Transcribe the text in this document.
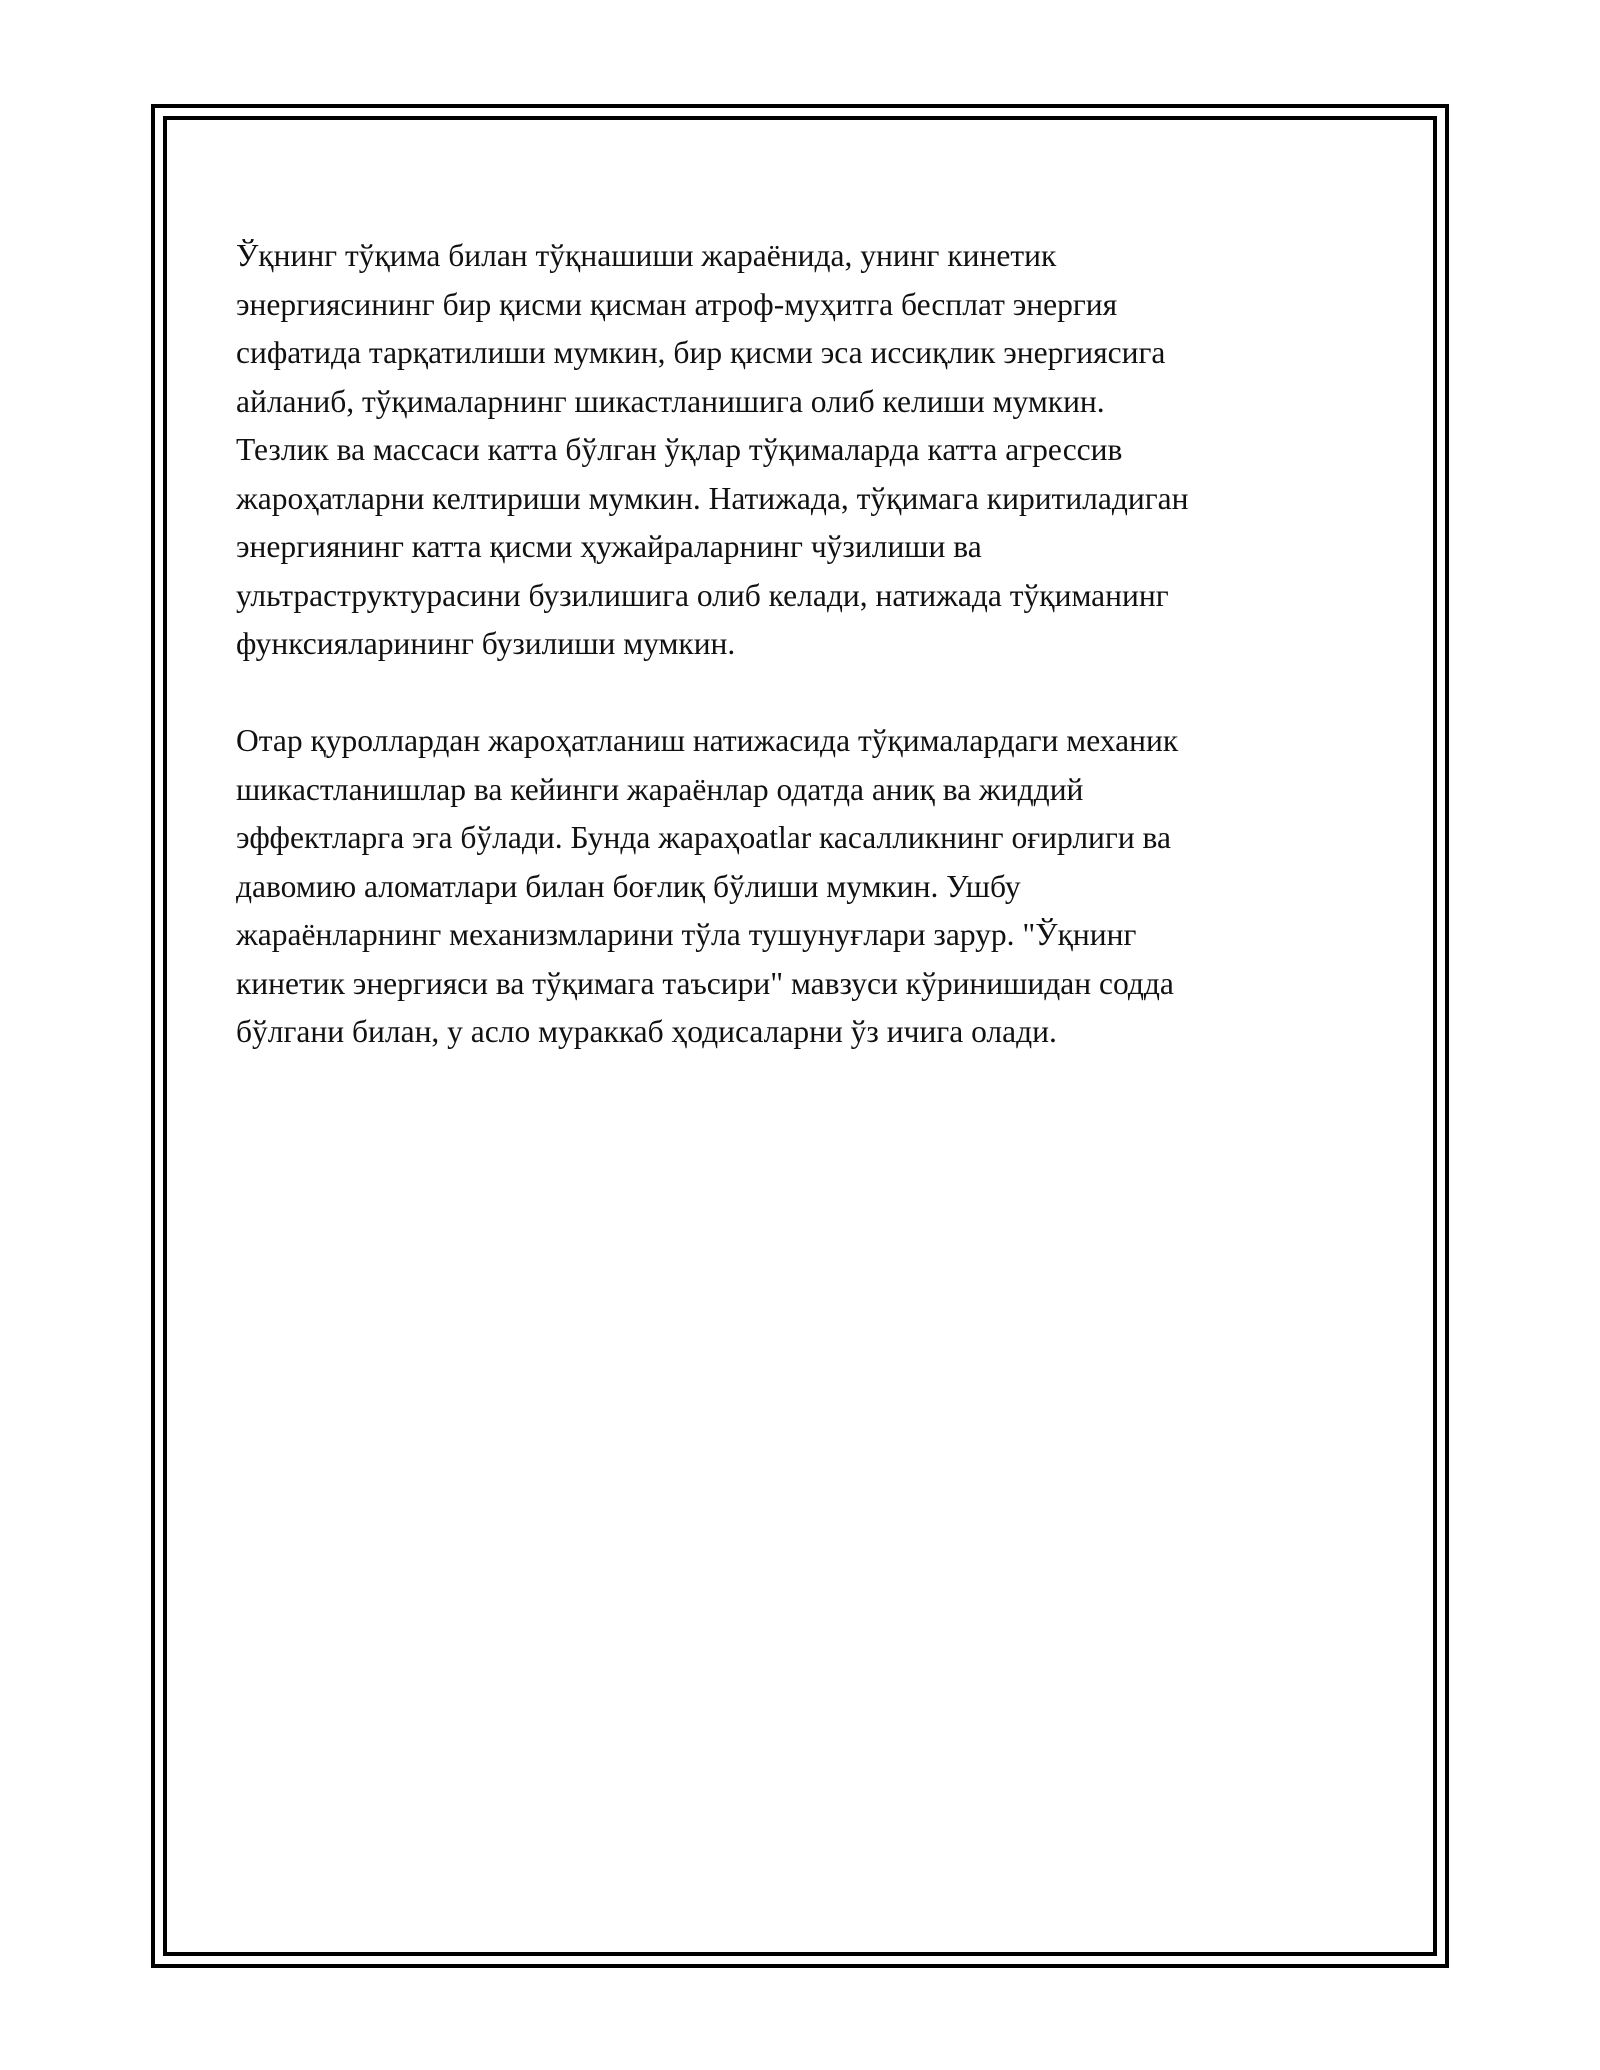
Ўқнинг тўқима билан тўқнашиши жараёнида, унинг кинетик
энергиясининг бир қисми қисман атроф-муҳитга бесплат энергия
сифатида тарқатилиши мумкин, бир қисми эса иссиқлик энергиясига
айланиб, тўқималарнинг шикастланишига олиб келиши мумкин.
Тезлик ва массаси катта бўлган ўқлар тўқималарда катта агрессив
жароҳатларни келтириши мумкин. Натижада, тўқимага киритиладиган
энергиянинг катта қисми ҳужайраларнинг чўзилиши ва
ультраструктурасини бузилишига олиб келади, натижада тўқиманинг
функсияларининг бузилиши мумкин.

Отар қуроллардан жароҳатланиш натижасида тўқималардаги механик
шикастланишлар ва кейинги жараёнлар одатда аниқ ва жиддий
эффектларга эга бўлади. Бунда жараҳoatlar касалликнинг оғирлиги ва
давомию аломатлари билан боғлиқ бўлиши мумкин. Ушбу
жараёнларнинг механизмларини тўла тушунуғлари зарур. "Ўқнинг
кинетик энергияси ва тўқимага таъсири" мавзуси кўринишидан содда
бўлгани билан, у асло мураккаб ҳодисаларни ўз ичига олади.
